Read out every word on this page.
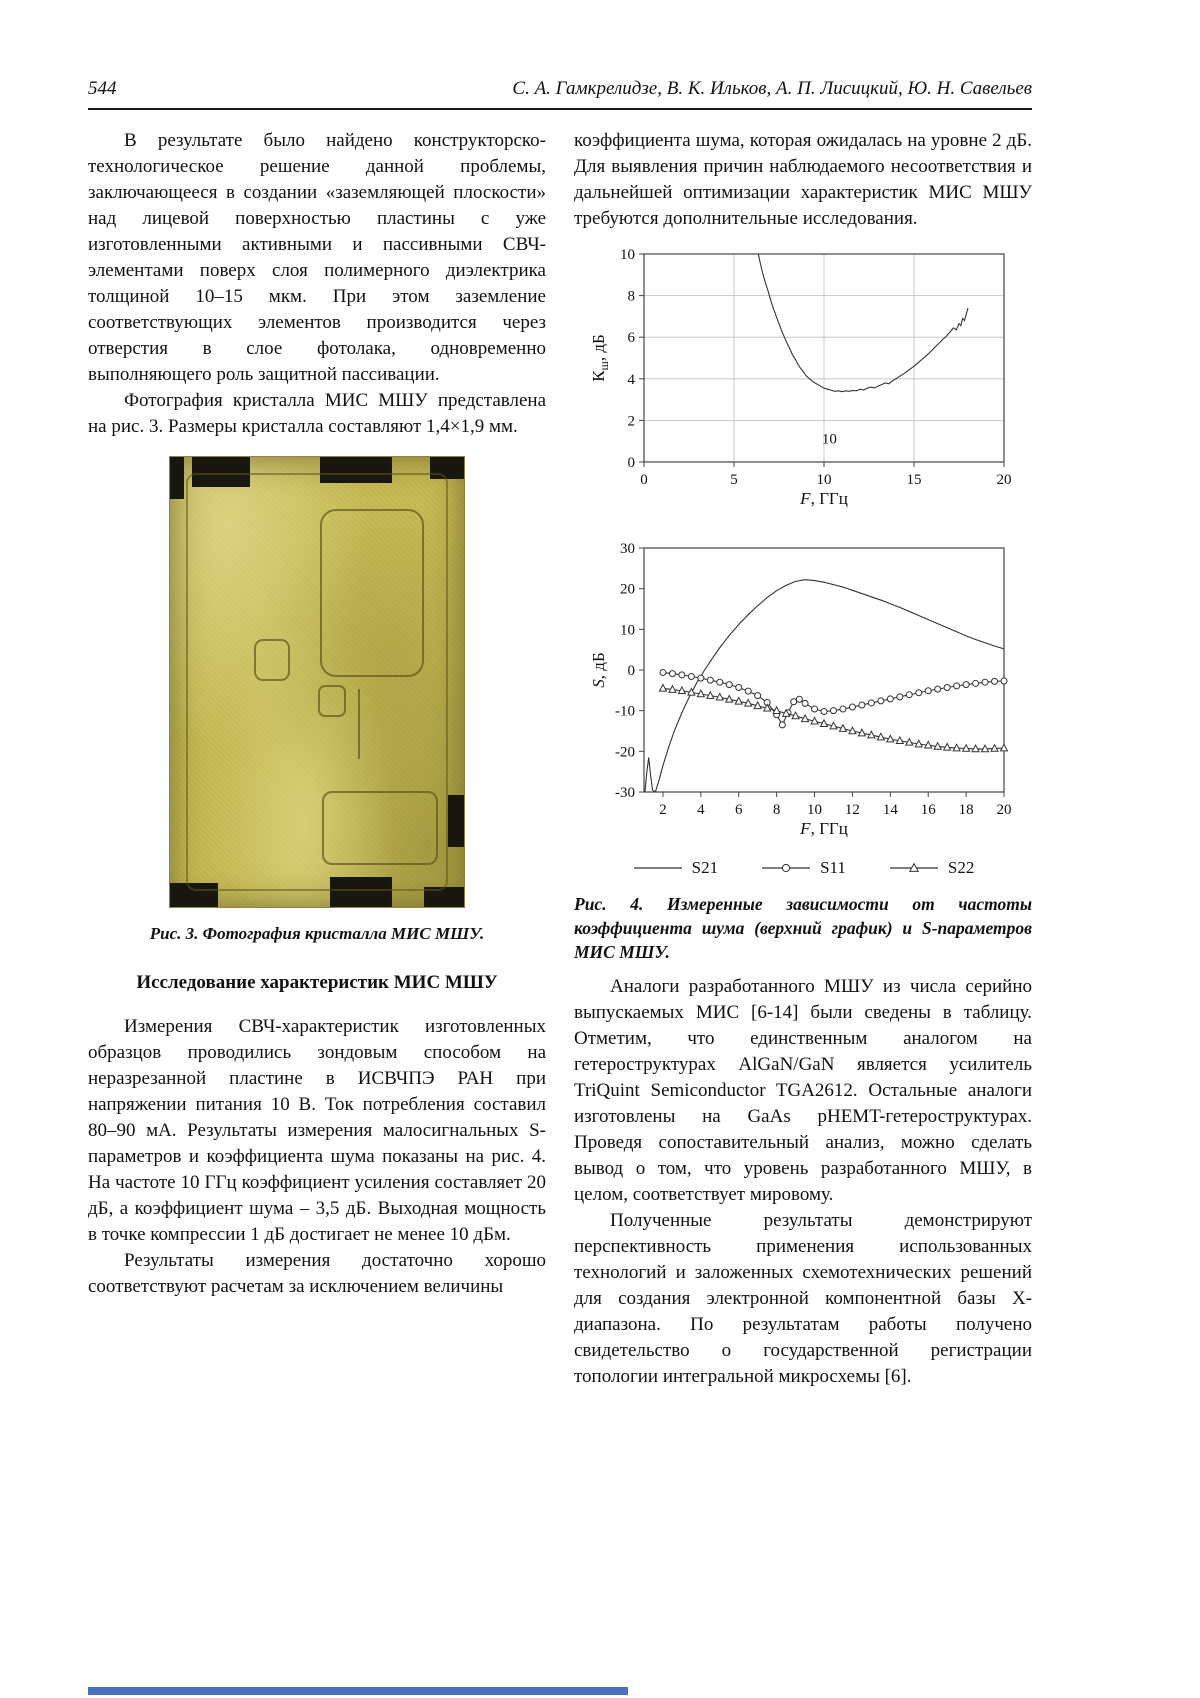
544	С. А. Гамкрелидзе, В. К. Ильков, А. П. Лисицкий, Ю. Н. Савельев

В результате было найдено конструкторско-технологическое решение данной проблемы, заключающееся в создании «заземляющей плоскости» над лицевой поверхностью пластины с уже изготовленными активными и пассивными СВЧ-элементами поверх слоя полимерного диэлектрика толщиной 10–15 мкм. При этом заземление соответствующих элементов производится через отверстия в слое фотолака, одновременно выполняющего роль защитной пассивации.

Фотография кристалла МИС МШУ представлена на рис. 3. Размеры кристалла составляют 1,4×1,9 мм.

Рис. 3. Фотография кристалла МИС МШУ.
Исследование характеристик МИС МШУ

Измерения СВЧ-характеристик изготовленных образцов проводились зондовым способом на неразрезанной пластине в ИСВЧПЭ РАН при напряжении питания 10 В. Ток потребления составил 80–90 мА. Результаты измерения малосигнальных S-параметров и коэффициента шума показаны на рис. 4. На частоте 10 ГГц коэффициент усиления составляет 20 дБ, а коэффициент шума – 3,5 дБ. Выходная мощность в точке компрессии 1 дБ достигает не менее 10 дБм.

Результаты измерения достаточно хорошо соответствуют расчетам за исключением величины

коэффициента шума, которая ожидалась на уровне 2 дБ. Для выявления причин наблюдаемого несоответствия и дальнейшей оптимизации характеристик МИС МШУ требуются дополнительные исследования.

0
2
4
6
8
10
0	5	10	15	20
F, ГГц
$К_ш$, дБ
10
-30
-20
-10
0
10
20
30
2 4 6 8 10 12 14 16 18 20
F, ГГц
S, дБ
S21	S11	S22

Рис. 4. Измеренные зависимости от частоты коэффициента шума (верхний график) и S-параметров МИС МШУ.

Аналоги разработанного МШУ из числа серийно выпускаемых МИС [6-14] были сведены в таблицу. Отметим, что единственным аналогом на гетероструктурах AlGaN/GaN является усилитель TriQuint Semiconductor TGA2612. Остальные аналоги изготовлены на GaAs pHEMT-гетероструктурах. Проведя сопоставительный анализ, можно сделать вывод о том, что уровень разработанного МШУ, в целом, соответствует мировому.

Полученные результаты демонстрируют перспективность применения использованных технологий и заложенных схемотехнических решений для создания электронной компонентной базы X-диапазона. По результатам работы получено свидетельство о государственной регистрации топологии интегральной микросхемы [6].
